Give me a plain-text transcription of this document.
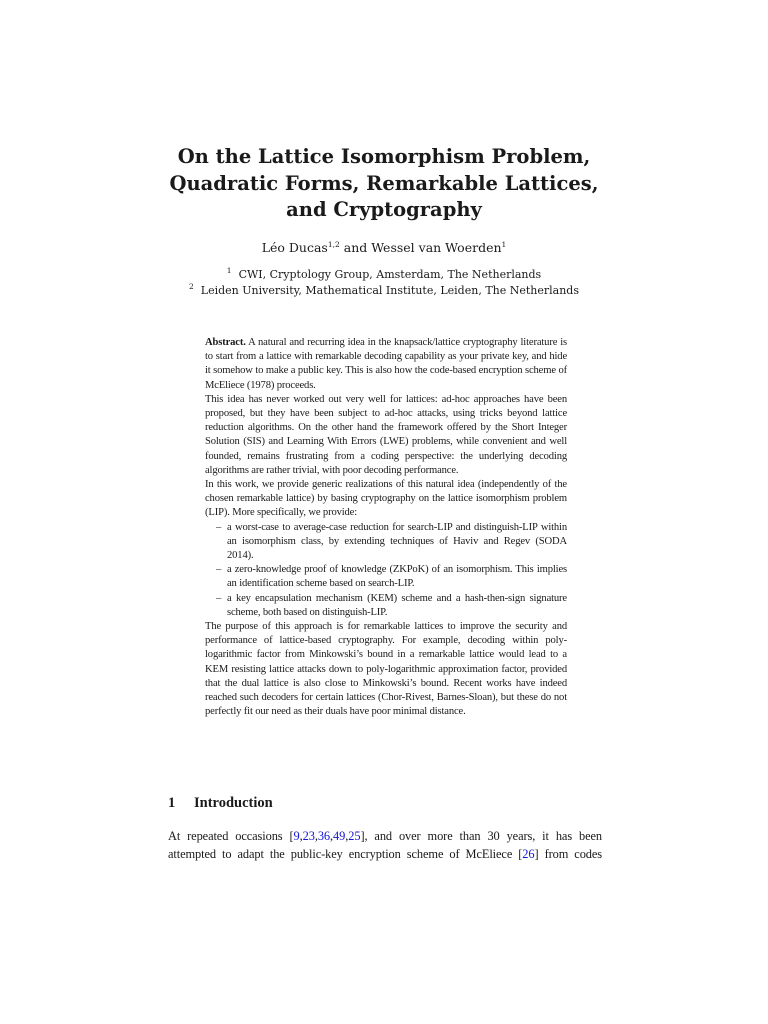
On the Lattice Isomorphism Problem,
Quadratic Forms, Remarkable Lattices,
and Cryptography
Léo Ducas$^{1,2}$ and Wessel van Woerden$^1$
$^1$ CWI, Cryptology Group, Amsterdam, The Netherlands
$^2$ Leiden University, Mathematical Institute, Leiden, The Netherlands

Abstract. A natural and recurring idea in the knapsack/lattice cryptography literature is to start from a lattice with remarkable decoding capability as your private key, and hide it somehow to make a public key. This is also how the code-based encryption scheme of McEliece (1978) proceeds.

This idea has never worked out very well for lattices: ad-hoc approaches have been proposed, but they have been subject to ad-hoc attacks, using tricks beyond lattice reduction algorithms. On the other hand the framework offered by the Short Integer Solution (SIS) and Learning With Errors (LWE) problems, while convenient and well founded, remains frustrating from a coding perspective: the underlying decoding algorithms are rather trivial, with poor decoding performance.

In this work, we provide generic realizations of this natural idea (independently of the chosen remarkable lattice) by basing cryptography on the lattice isomorphism problem (LIP). More specifically, we provide:

– a worst-case to average-case reduction for search-LIP and distinguish-LIP within an isomorphism class, by extending techniques of Haviv and Regev (SODA 2014).
– a zero-knowledge proof of knowledge (ZKPoK) of an isomorphism. This implies an identification scheme based on search-LIP.
– a key encapsulation mechanism (KEM) scheme and a hash-then-sign signature scheme, both based on distinguish-LIP.

The purpose of this approach is for remarkable lattices to improve the security and performance of lattice-based cryptography. For example, decoding within poly-logarithmic factor from Minkowski’s bound in a remarkable lattice would lead to a KEM resisting lattice attacks down to poly-logarithmic approximation factor, provided that the dual lattice is also close to Minkowski’s bound. Recent works have indeed reached such decoders for certain lattices (Chor-Rivest, Barnes-Sloan), but these do not perfectly fit our need as their duals have poor minimal distance.

1 Introduction
At repeated occasions [9,23,36,49,25], and over more than 30 years, it has been
attempted to adapt the public-key encryption scheme of McEliece [26] from codes
